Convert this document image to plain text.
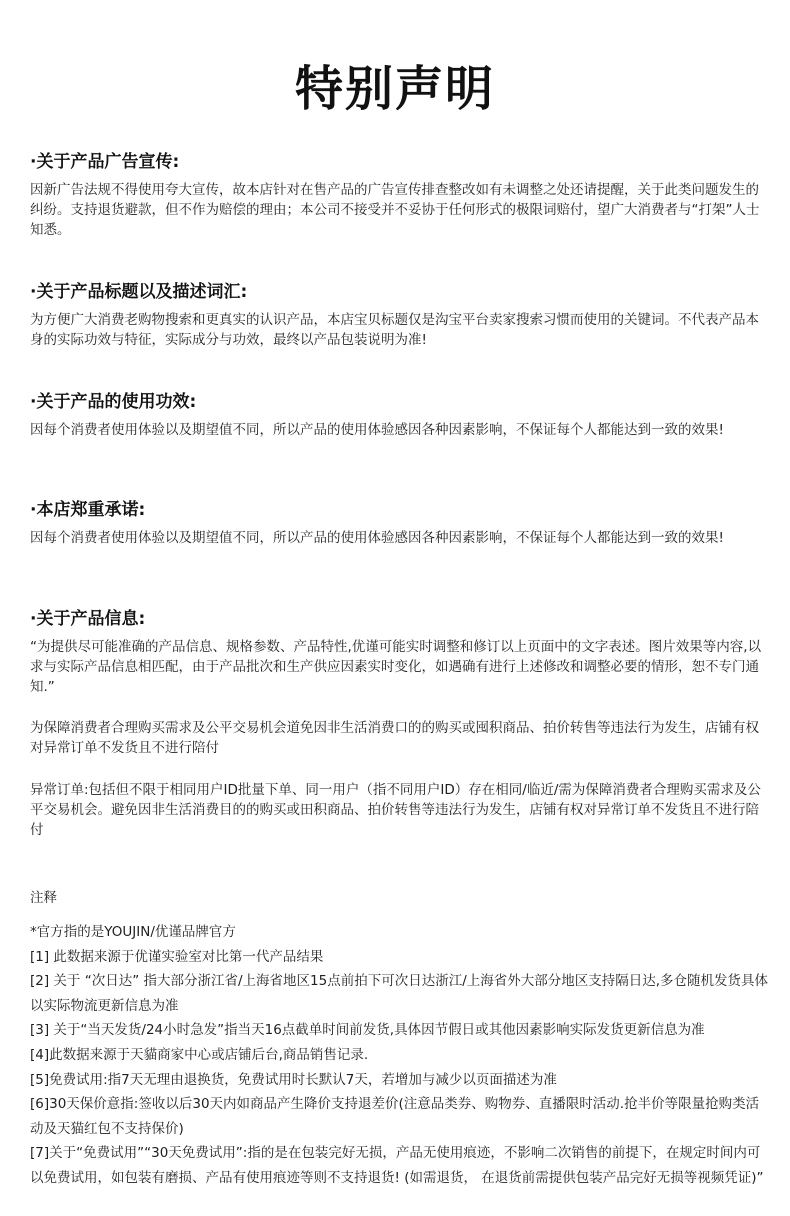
特别声明
·关于产品广告宣传:

因新广告法规不得使用夸大宣传，故本店针对在售产品的广告宣传排查整改如有未调整之处还请提醒，关于此类问题发生的纠纷。支持退货避款，但不作为赔偿的理由；本公司不接受并不妥协于任何形式的极限词赔付，望广大消费者与“打架”人士知悉。

·关于产品标题以及描述词汇:

为方便广大消费老购物搜索和更真实的认识产品，本店宝贝标题仅是沟宝平台卖家搜索习惯而使用的关键词。不代表产品本身的实际功效与特征，实际成分与功效，最终以产品包装说明为准!

·关于产品的使用功效:

因每个消费者使用体验以及期望值不同，所以产品的使用体验感因各种因素影响，不保证每个人都能达到一致的效果!

·本店郑重承诺:

因每个消费者使用体验以及期望值不同，所以产品的使用体验感因各种因素影响，不保证每个人都能达到一致的效果!

·关于产品信息:

“为提供尽可能准确的产品信息、规格参数、产品特性,优谨可能实时调整和修订以上页面中的文字表述。图片效果等内容,以求与实际产品信息相匹配，由于产品批次和生产供应因素实时变化，如遇确有进行上述修改和调整必要的情形，恕不专门通知.”

为保障消费者合理购买需求及公平交易机会道免因非生活消费口的的购买或囤积商品、拍价转售等违法行为发生，店铺有权对异常订单不发货且不进行陪付

异常订单:包括但不限于相同用户ID批量下单、同一用户（指不同用户ID）存在相同/临近/需为保障消费者合理购买需求及公平交易机会。避免因非生活消费目的的购买或田积商品、拍价转售等违法行为发生，店铺有权对异常订单不发货且不进行陪付

注释
*官方指的是YOUJIN/优谨品牌官方
[1] 此数据来源于优谨实验室对比第一代产品结果
[2] 关于 “次日达” 指大部分浙江省/上海省地区15点前拍下可次日达浙江/上海省外大部分地区支持隔日达,多仓随机发货具体以实际物流更新信息为准
[3] 关于“当天发货/24小时急发”指当天16点截单时间前发货,具体因节假日或其他因素影响实际发货更新信息为准
[4]此数据来源于天貓商家中心或店铺后台,商品销售记录.
[5]免费试用:指7天无理由退换货，免费试用时长默认7天，若增加与减少以页面描述为准
[6]30天保价意指:签收以后30天内如商品产生降价支持退差价(注意品类券、购物券、直播限时活动.抢半价等限量抢购类活动及天猫红包不支持保价)
[7]关于“免费试用”“30天免费试用”:指的是在包装完好无损，产品无使用痕迹，不影响二次销售的前提下，在规定时间内可以免费试用，如包装有磨损、产品有使用痕迹等则不支持退货! (如需退货， 在退货前需提供包装产品完好无损等视频凭证)”
